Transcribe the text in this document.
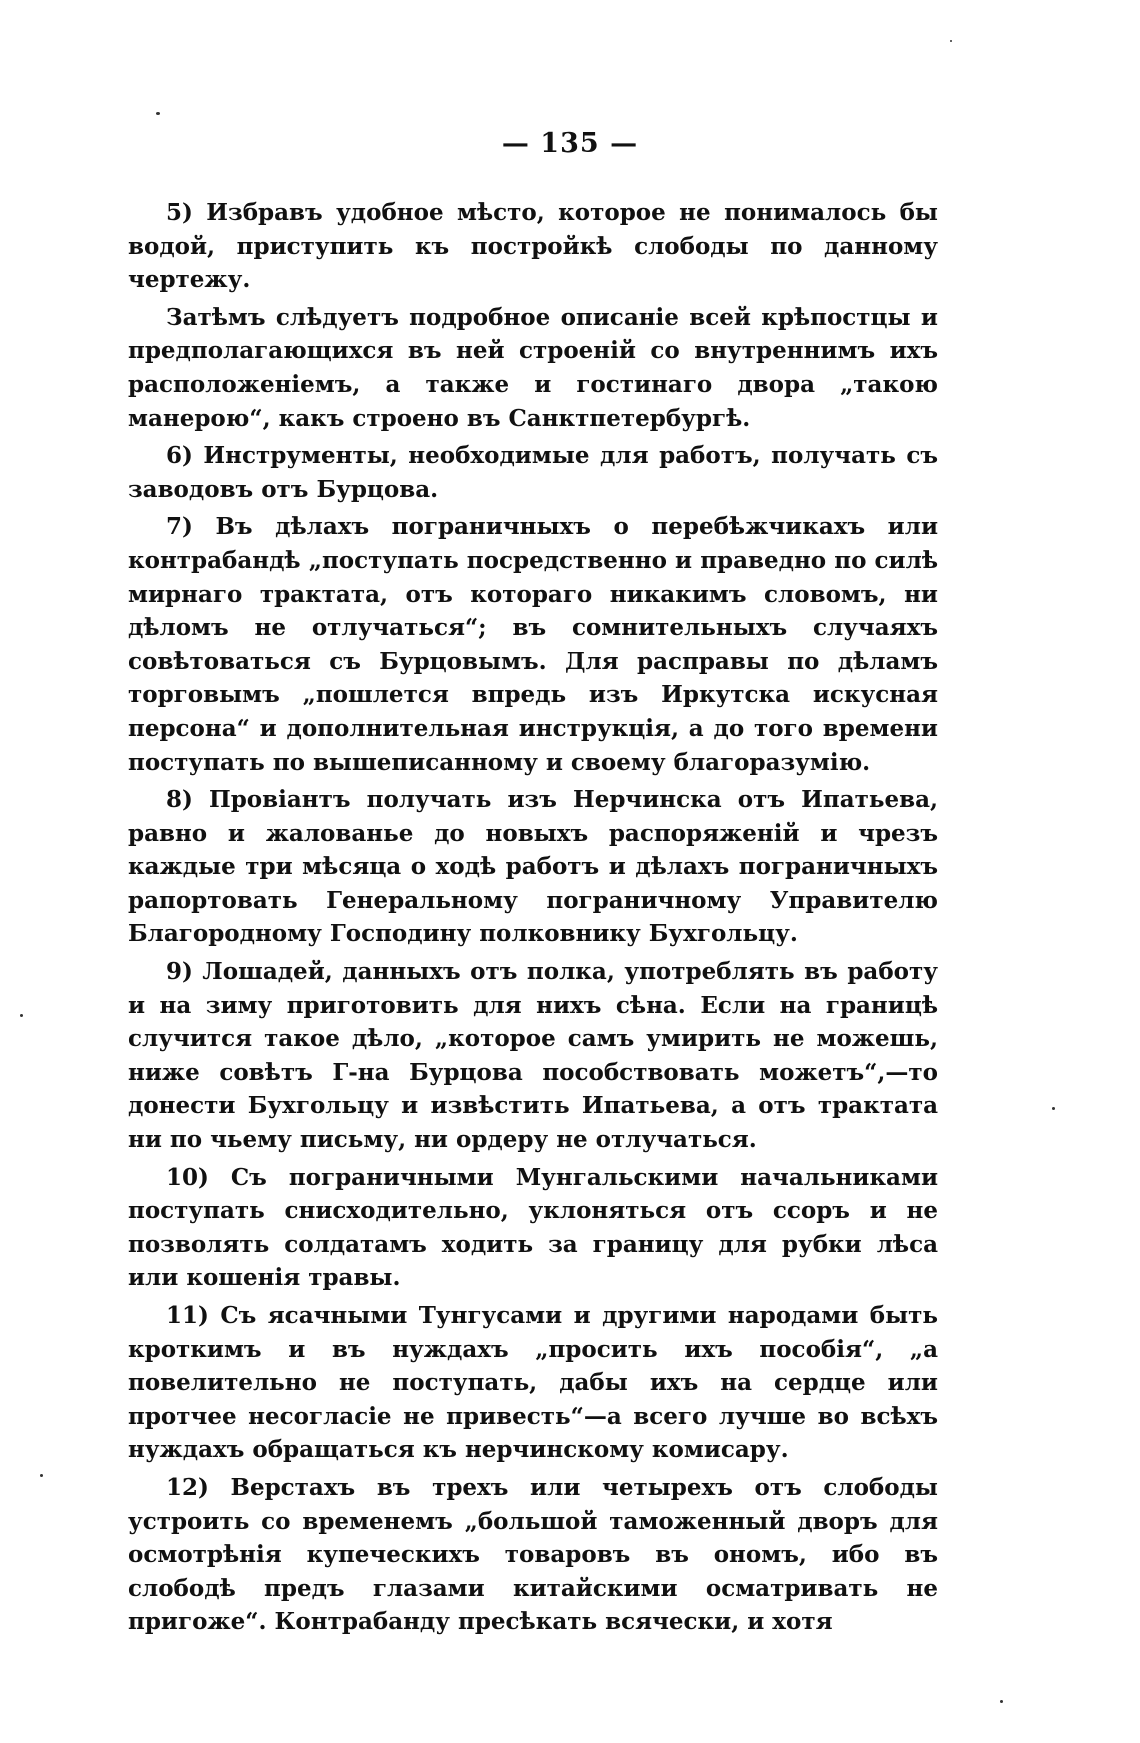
— 135 —

5) Избравъ удобное мѣсто, которое не понималось бы водой, приступить къ постройкѣ слободы по данному чертежу.

Затѣмъ слѣдуетъ подробное описаніе всей крѣпостцы и предполагающихся въ ней строеній со внутреннимъ ихъ расположеніемъ, а также и гостинаго двора „такою манерою“, какъ строено въ Санктпетербургѣ.

6) Инструменты, необходимые для работъ, получать съ заводовъ отъ Бурцова.

7) Въ дѣлахъ пограничныхъ о перебѣжчикахъ или контрабандѣ „поступать посредственно и праведно по силѣ мирнаго трактата, отъ котораго никакимъ словомъ, ни дѣломъ не отлучаться“; въ сомнительныхъ случаяхъ совѣтоваться съ Бурцовымъ. Для расправы по дѣламъ торговымъ „пошлется впредь изъ Иркутска искусная персона“ и дополнительная инструкція, а до того времени поступать по вышеписанному и своему благоразумію.

8) Провіантъ получать изъ Нерчинска отъ Ипатьева, равно и жалованье до новыхъ распоряженій и чрезъ каждые три мѣсяца о ходѣ работъ и дѣлахъ пограничныхъ рапортовать Генеральному пограничному Управителю Благородному Господину полковнику Бухгольцу.

9) Лошадей, данныхъ отъ полка, употреблять въ работу и на зиму приготовить для нихъ сѣна. Если на границѣ случится такое дѣло, „которое самъ умирить не можешь, ниже совѣтъ Г-на Бурцова пособствовать можетъ“,—то донести Бухгольцу и извѣстить Ипатьева, а отъ трактата ни по чьему письму, ни ордеру не отлучаться.

10) Съ пограничными Мунгальскими начальниками поступать снисходительно, уклоняться отъ ссоръ и не позволять солдатамъ ходить за границу для рубки лѣса или кошенія травы.

11) Съ ясачными Тунгусами и другими народами быть кроткимъ и въ нуждахъ „просить ихъ пособія“, „а повелительно не поступать, дабы ихъ на сердце или протчее несогласіе не привесть“—а всего лучше во всѣхъ нуждахъ обращаться къ нерчинскому комисару.

12) Верстахъ въ трехъ или четырехъ отъ слободы устроить со временемъ „большой таможенный дворъ для осмотрѣнія купеческихъ товаровъ въ ономъ, ибо въ слободѣ предъ глазами китайскими осматривать не пригоже“. Контрабанду пресѣкать всячески, и хотя
